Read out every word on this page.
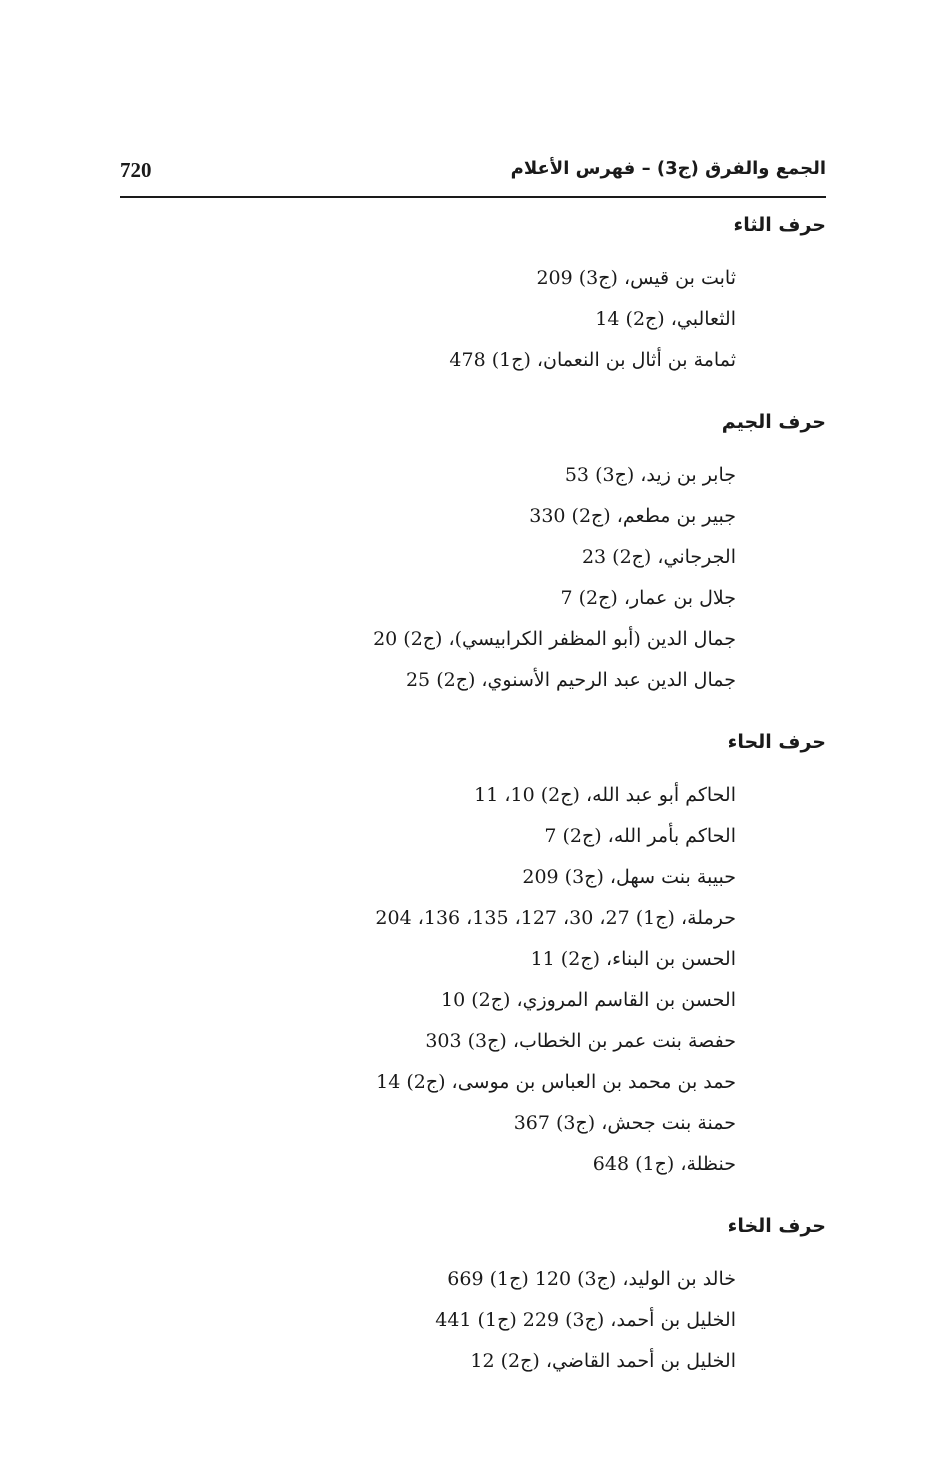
720	الجمع والفرق (ج3) – فهرس الأعلام
حرف الثاء
ثابت بن قيس، (ج3) 209
الثعالبي، (ج2) 14
ثمامة بن أثال بن النعمان، (ج1) 478
حرف الجيم
جابر بن زيد، (ج3) 53
جبير بن مطعم، (ج2) 330
الجرجاني، (ج2) 23
جلال بن عمار، (ج2) 7
جمال الدين (أبو المظفر الكرابيسي)، (ج2) 20
جمال الدين عبد الرحيم الأسنوي، (ج2) 25
حرف الحاء
الحاكم أبو عبد الله، (ج2) 10، 11
الحاكم بأمر الله، (ج2) 7
حبيبة بنت سهل، (ج3) 209
حرملة، (ج1) 27، 30، 127، 135، 136، 204
الحسن بن البناء، (ج2) 11
الحسن بن القاسم المروزي، (ج2) 10
حفصة بنت عمر بن الخطاب، (ج3) 303
حمد بن محمد بن العباس بن موسى، (ج2) 14
حمنة بنت جحش، (ج3) 367
حنظلة، (ج1) 648
حرف الخاء
خالد بن الوليد، (ج3) 120 (ج1) 669
الخليل بن أحمد، (ج3) 229 (ج1) 441
الخليل بن أحمد القاضي، (ج2) 12
